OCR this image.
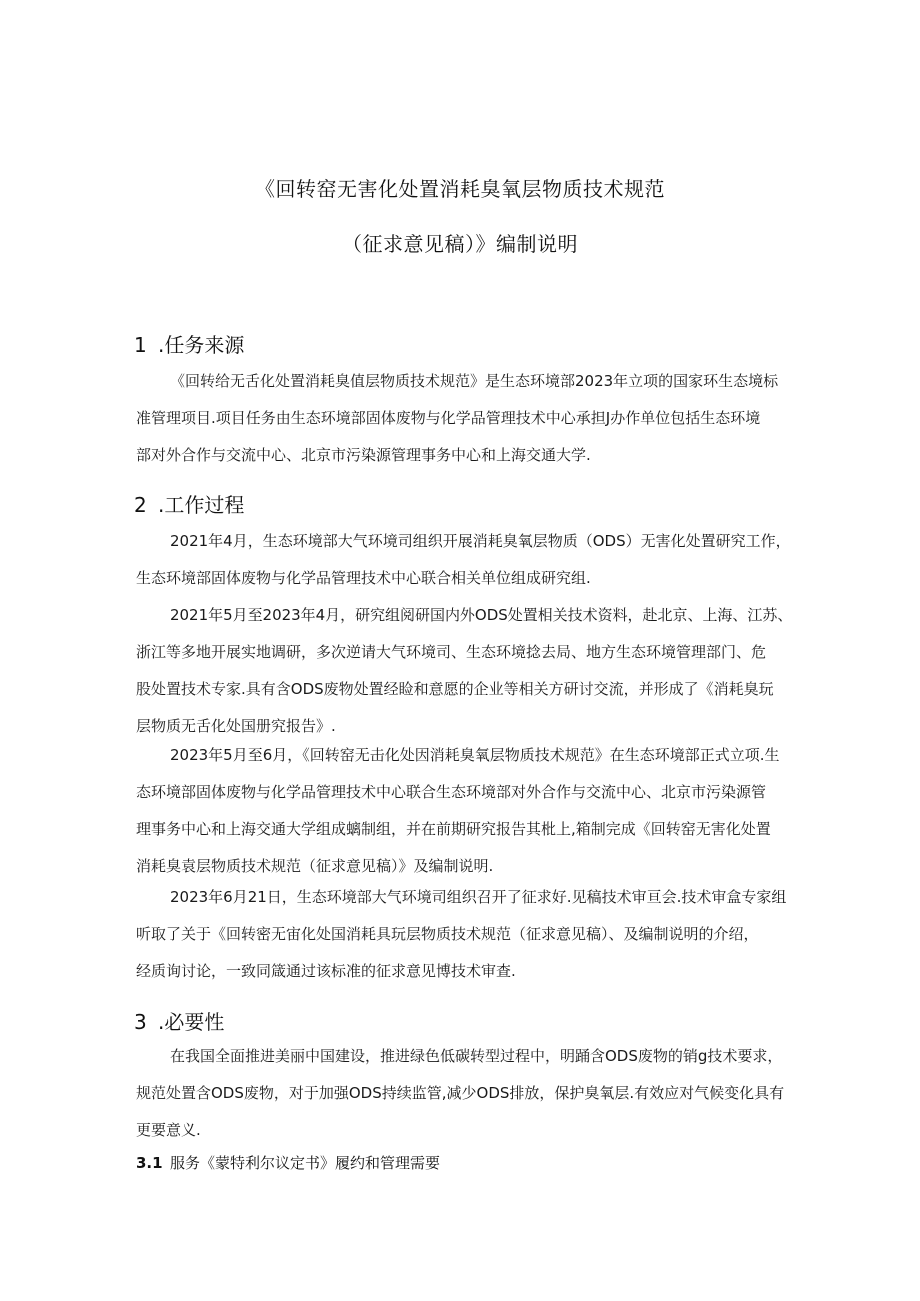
《回转窑无害化处置消耗臭氧层物质技术规范
（征求意见稿）》编制说明
1 .任务来源
《回转给无舌化处置消耗臭值层物质技术规范》是生态环境部2023年立项的国家环生态境标
准管理项目.项目任务由生态环境部固体废物与化学品管理技术中心承担J办作单位包括生态环境
部对外合作与交流中心、北京市污染源管理事务中心和上海交通大学.
2 .工作过程
2021年4月，生态环境部大气环境司组织开展消耗臭氧层物质（ODS）无害化处置研究工作，
生态环境部固体废物与化学品管理技术中心联合相关单位组成研究组.
2021年5月至2023年4月，研究组阅研国内外ODS处置相关技术资料，赴北京、上海、江苏、
浙江等多地开展实地调研，多次逆请大气环境司、生态环境捻去局、地方生态环境管理部门、危
股处置技术专家.具有含ODS废物处置经睑和意愿的企业等相关方研讨交流，并形成了《消耗臭玩
层物质无舌化处国册究报告》.
2023年5月至6月，《回转窑无击化处因消耗臭氧层物质技术规范》在生态环境部正式立项.生
态环境部固体废物与化学品管理技术中心联合生态环境部对外合作与交流中心、北京市污染源管
理事务中心和上海交通大学组成螭制组，并在前期研究报告其枇上,箱制完成《回转窑无害化处置
消耗臭袁层物质技术规范（征求意见稿）》及编制说明.
2023年6月21日，生态环境部大气环境司组织召开了征求好.见稿技术审亘会.技术审盒专家组
听取了关于《回转密无宙化处国消耗具玩层物质技术规范（征求意见稿）、及编制说明的介绍，
经质询讨论，一致同箴通过该标准的征求意见博技术审查.
3 .必要性
在我国全面推进美丽中国建设，推进绿色低碳转型过程中，明踊含ODS废物的销g技术要求，
规范处置含ODS废物，对于加强ODS持续监管,减少ODS排放，保护臭氧层.有效应对气候变化具有
更要意义.
3.1 服务《蒙特利尔议定书》履约和管理需要
